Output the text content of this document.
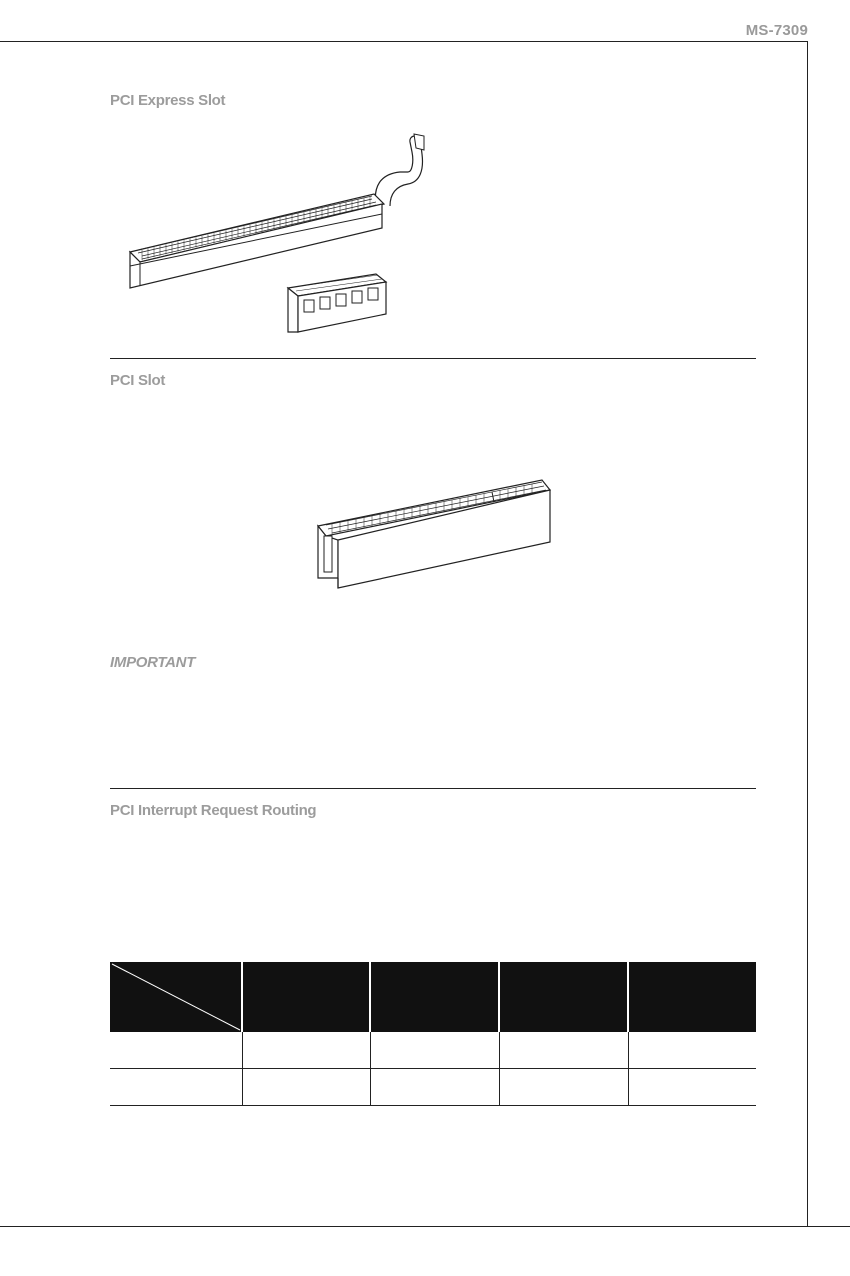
MS-7309
PCI Express Slot
PCI Slot
IMPORTANT
PCI Interrupt Request Routing
